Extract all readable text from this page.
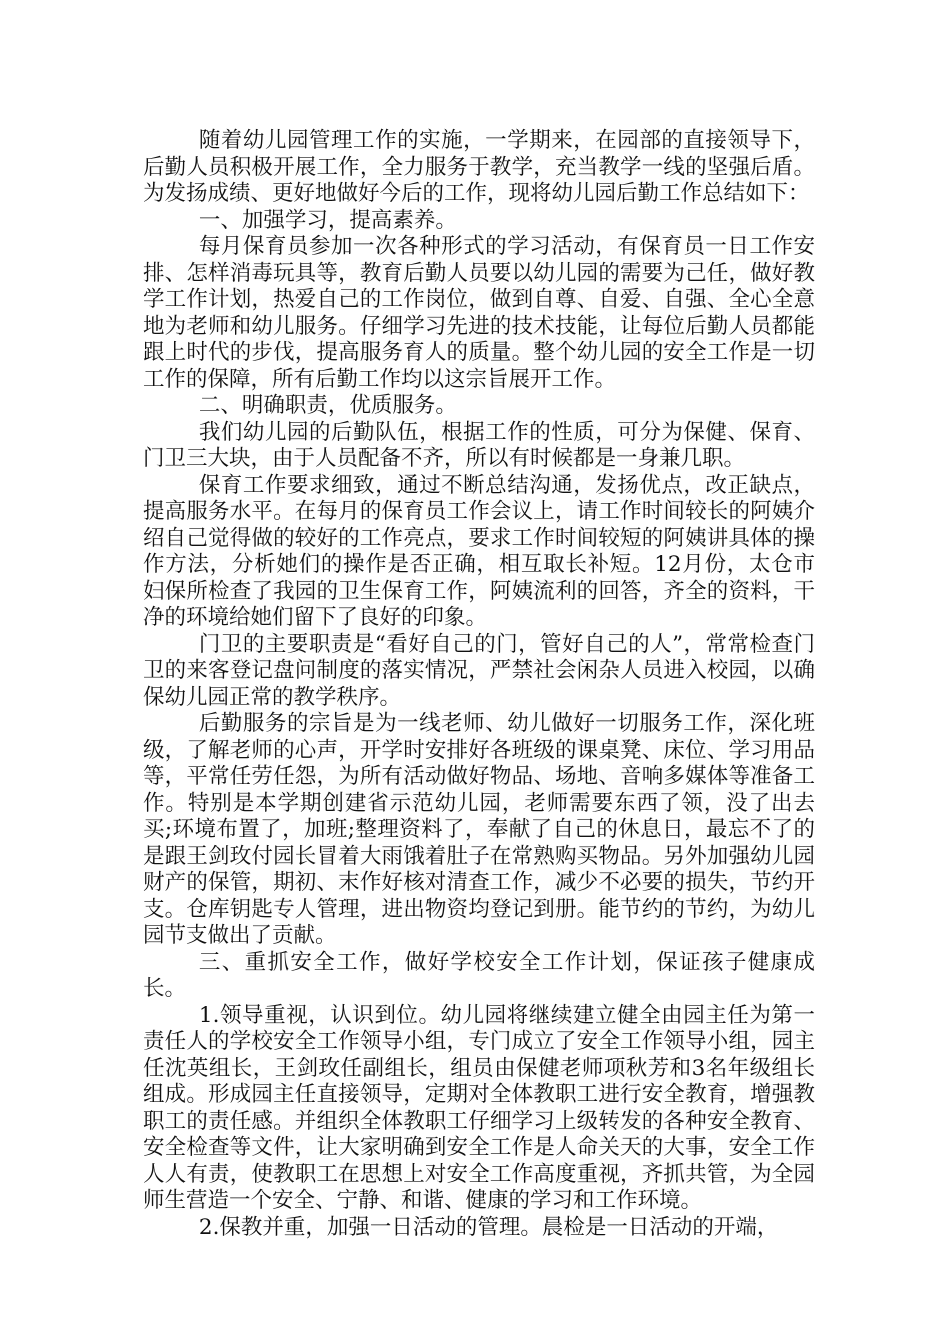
随着幼儿园管理工作的实施，一学期来，在园部的直接领导下，后勤人员积极开展工作，全力服务于教学，充当教学一线的坚强后盾。为发扬成绩、更好地做好今后的工作，现将幼儿园后勤工作总结如下：

一、加强学习，提高素养。

每月保育员参加一次各种形式的学习活动，有保育员一日工作安排、怎样消毒玩具等，教育后勤人员要以幼儿园的需要为己任，做好教学工作计划，热爱自己的工作岗位，做到自尊、自爱、自强、全心全意地为老师和幼儿服务。仔细学习先进的技术技能，让每位后勤人员都能跟上时代的步伐，提高服务育人的质量。整个幼儿园的安全工作是一切工作的保障，所有后勤工作均以这宗旨展开工作。

二、明确职责，优质服务。

我们幼儿园的后勤队伍，根据工作的性质，可分为保健、保育、门卫三大块，由于人员配备不齐，所以有时候都是一身兼几职。

保育工作要求细致，通过不断总结沟通，发扬优点，改正缺点，提高服务水平。在每月的保育员工作会议上，请工作时间较长的阿姨介绍自己觉得做的较好的工作亮点，要求工作时间较短的阿姨讲具体的操作方法，分析她们的操作是否正确，相互取长补短。12月份，太仓市妇保所检查了我园的卫生保育工作，阿姨流利的回答，齐全的资料，干净的环境给她们留下了良好的印象。

门卫的主要职责是“看好自己的门，管好自己的人”，常常检查门卫的来客登记盘问制度的落实情况，严禁社会闲杂人员进入校园，以确保幼儿园正常的教学秩序。

后勤服务的宗旨是为一线老师、幼儿做好一切服务工作，深化班级，了解老师的心声，开学时安排好各班级的课桌凳、床位、学习用品等，平常任劳任怨，为所有活动做好物品、场地、音响多媒体等准备工作。特别是本学期创建省示范幼儿园，老师需要东西了领，没了出去买;环境布置了，加班;整理资料了，奉献了自己的休息日，最忘不了的是跟王剑玫付园长冒着大雨饿着肚子在常熟购买物品。另外加强幼儿园财产的保管，期初、末作好核对清查工作，减少不必要的损失，节约开支。仓库钥匙专人管理，进出物资均登记到册。能节约的节约，为幼儿园节支做出了贡献。

三、重抓安全工作，做好学校安全工作计划，保证孩子健康成长。

1.领导重视，认识到位。幼儿园将继续建立健全由园主任为第一责任人的学校安全工作领导小组，专门成立了安全工作领导小组，园主任沈英组长，王剑玫任副组长，组员由保健老师项秋芳和3名年级组长组成。形成园主任直接领导，定期对全体教职工进行安全教育，增强教职工的责任感。并组织全体教职工仔细学习上级转发的各种安全教育、安全检查等文件，让大家明确到安全工作是人命关天的大事，安全工作人人有责，使教职工在思想上对安全工作高度重视，齐抓共管，为全园师生营造一个安全、宁静、和谐、健康的学习和工作环境。

2.保教并重，加强一日活动的管理。晨检是一日活动的开端，
